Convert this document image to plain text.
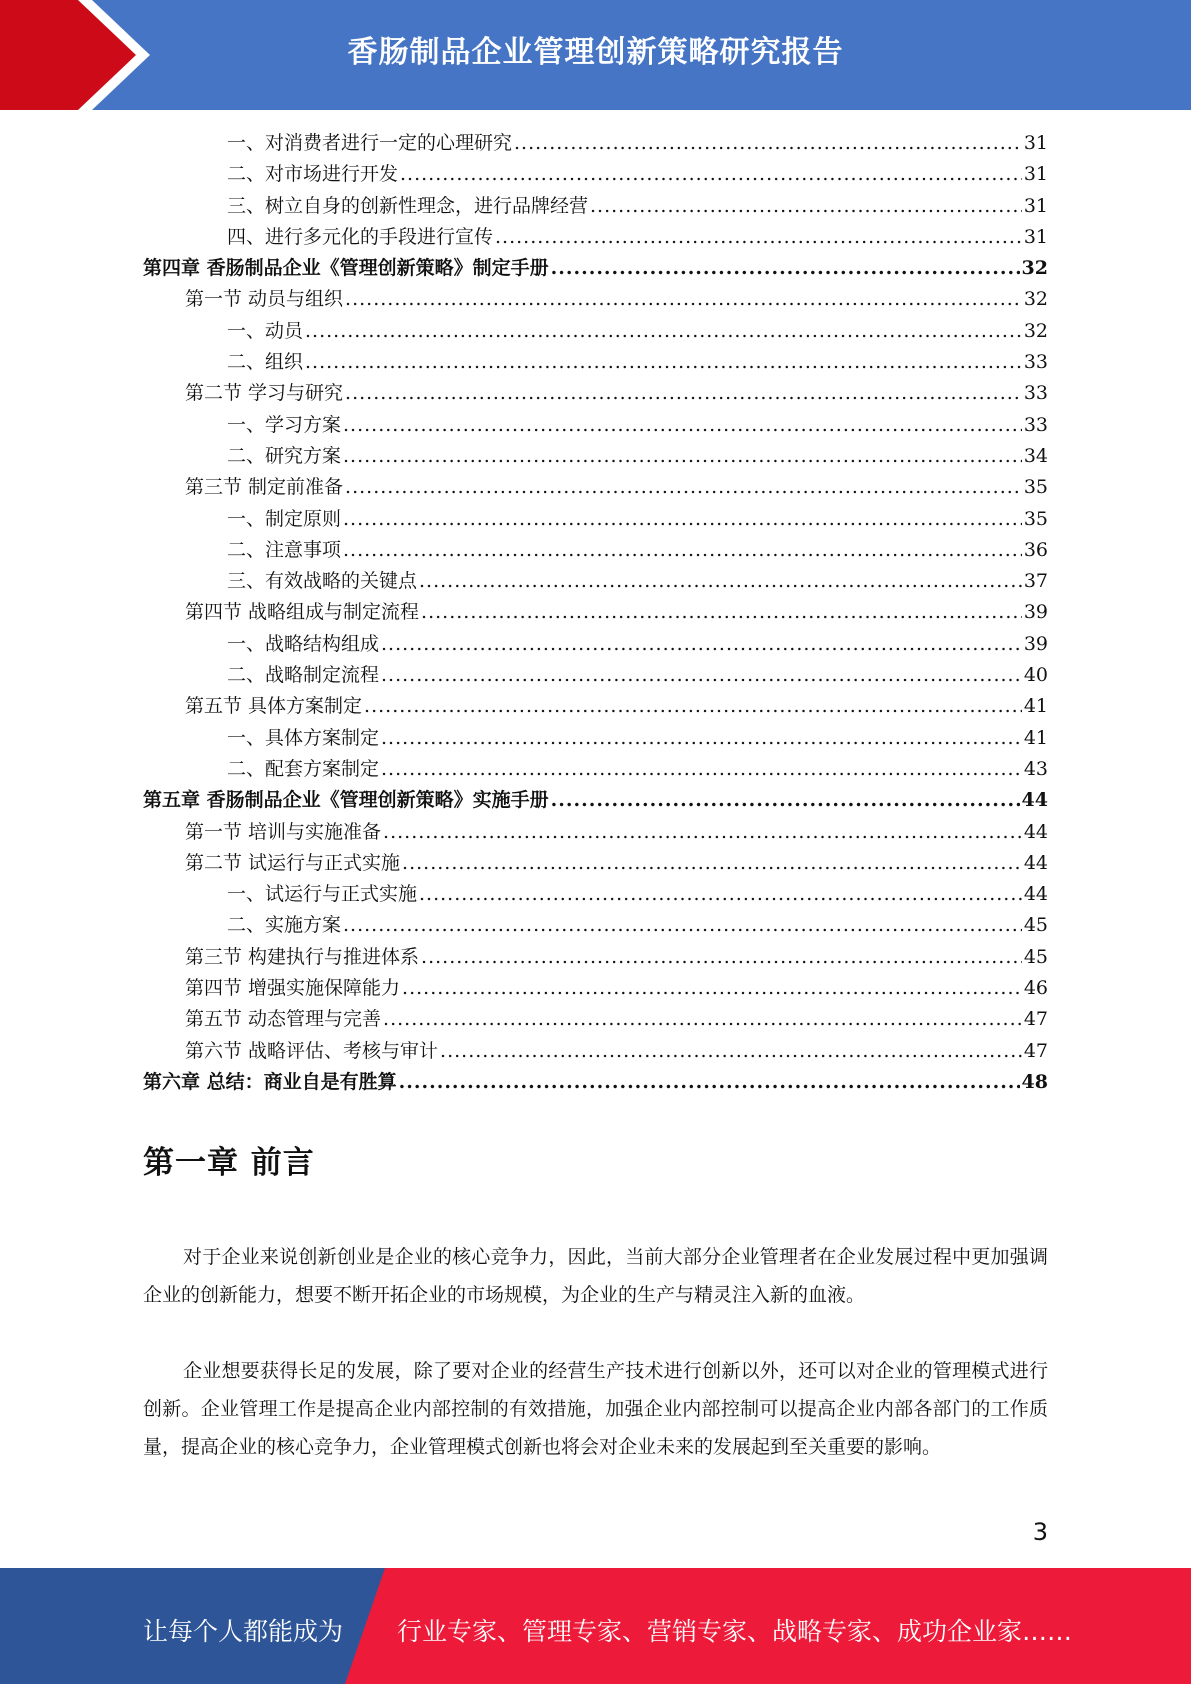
香肠制品企业管理创新策略研究报告
一、对消费者进行一定的心理研究 .....	31
二、对市场进行开发 .....	31
三、树立自身的创新性理念，进行品牌经营 .....	31
四、进行多元化的手段进行宣传 .....	31
第四章 香肠制品企业《管理创新策略》制定手册 .....	32
第一节 动员与组织 .....	32
一、动员 .....	32
二、组织 .....	33
第二节 学习与研究 .....	33
一、学习方案 .....	33
二、研究方案 .....	34
第三节 制定前准备 .....	35
一、制定原则 .....	35
二、注意事项 .....	36
三、有效战略的关键点 .....	37
第四节 战略组成与制定流程 .....	39
一、战略结构组成 .....	39
二、战略制定流程 .....	40
第五节 具体方案制定 .....	41
一、具体方案制定 .....	41
二、配套方案制定 .....	43
第五章 香肠制品企业《管理创新策略》实施手册 .....	44
第一节 培训与实施准备 .....	44
第二节 试运行与正式实施 .....	44
一、试运行与正式实施 .....	44
二、实施方案 .....	45
第三节 构建执行与推进体系 .....	45
第四节 增强实施保障能力 .....	46
第五节 动态管理与完善 .....	47
第六节 战略评估、考核与审计 .....	47
第六章 总结：商业自是有胜算 .....	48
第一章 前言

对于企业来说创新创业是企业的核心竞争力，因此，当前大部分企业管理者在企业发展过程中更加强调企业的创新能力，想要不断开拓企业的市场规模，为企业的生产与精灵注入新的血液。

企业想要获得长足的发展，除了要对企业的经营生产技术进行创新以外，还可以对企业的管理模式进行创新。企业管理工作是提高企业内部控制的有效措施，加强企业内部控制可以提高企业内部各部门的工作质量，提高企业的核心竞争力，企业管理模式创新也将会对企业未来的发展起到至关重要的影响。

3
让每个人都能成为 行业专家、管理专家、营销专家、战略专家、成功企业家……
